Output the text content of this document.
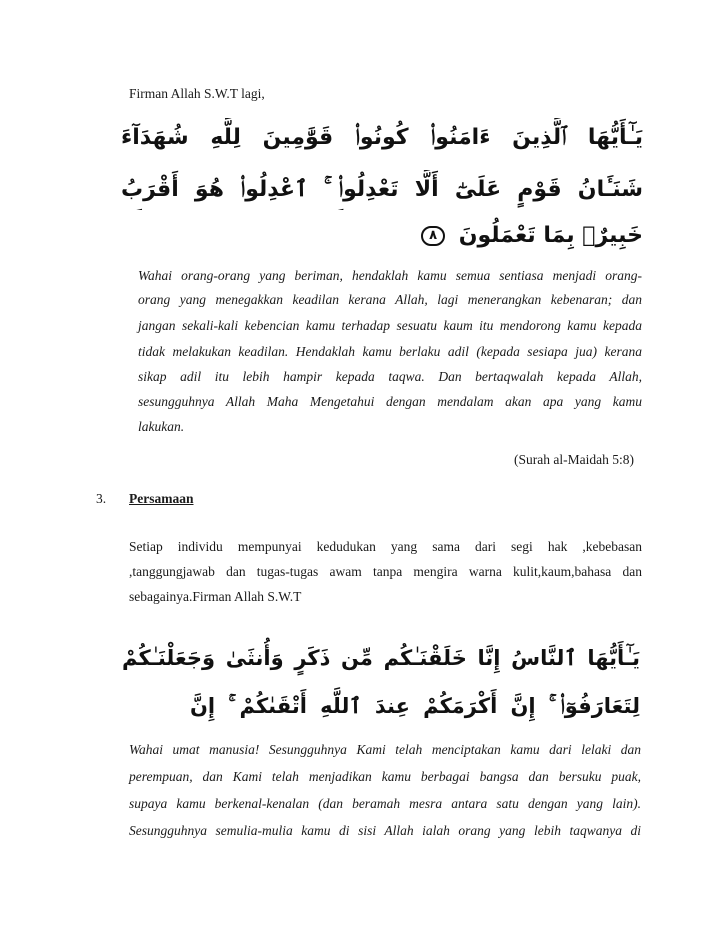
Firman Allah S.W.T lagi,
يَـٰٓأَيُّهَا ٱلَّذِينَ ءَامَنُوا۟ كُونُوا۟ قَوَّٰمِينَ لِلَّهِ شُهَدَآءَ
شَنَـَٔانُ قَوْمٍ عَلَىٰٓ أَلَّا تَعْدِلُوا۟ ۚ ٱعْدِلُوا۟ هُوَ أَقْرَبُ
خَبِيرٌۢ بِمَا تَعْمَلُونَ ٨
Wahai orang-orang yang beriman, hendaklah kamu semua sentiasa menjadi orang-
orang yang menegakkan keadilan kerana Allah, lagi menerangkan kebenaran; dan
jangan sekali-kali kebencian kamu terhadap sesuatu kaum itu mendorong kamu kepada
tidak melakukan keadilan. Hendaklah kamu berlaku adil (kepada sesiapa jua) kerana
sikap adil itu lebih hampir kepada taqwa. Dan bertaqwalah kepada Allah,
sesungguhnya Allah Maha Mengetahui dengan mendalam akan apa yang kamu
lakukan.
(Surah al-Maidah 5:8)
3. Persamaan
Setiap individu mempunyai kedudukan yang sama dari segi hak ,kebebasan
,tanggungjawab dan tugas-tugas awam tanpa mengira warna kulit,kaum,bahasa dan
sebagainya.Firman Allah S.W.T
يَـٰٓأَيُّهَا ٱلنَّاسُ إِنَّا خَلَقْنَـٰكُم مِّن ذَكَرٍ وَأُنثَىٰ وَجَعَلْنَـٰكُمْ
لِتَعَارَفُوٓا۟ ۚ إِنَّ أَكْرَمَكُمْ عِندَ ٱللَّهِ أَتْقَىٰكُمْ ۚ إِنَّ
Wahai umat manusia! Sesungguhnya Kami telah menciptakan kamu dari lelaki dan
perempuan, dan Kami telah menjadikan kamu berbagai bangsa dan bersuku puak,
supaya kamu berkenal-kenalan (dan beramah mesra antara satu dengan yang lain).
Sesungguhnya semulia-mulia kamu di sisi Allah ialah orang yang lebih taqwanya di
